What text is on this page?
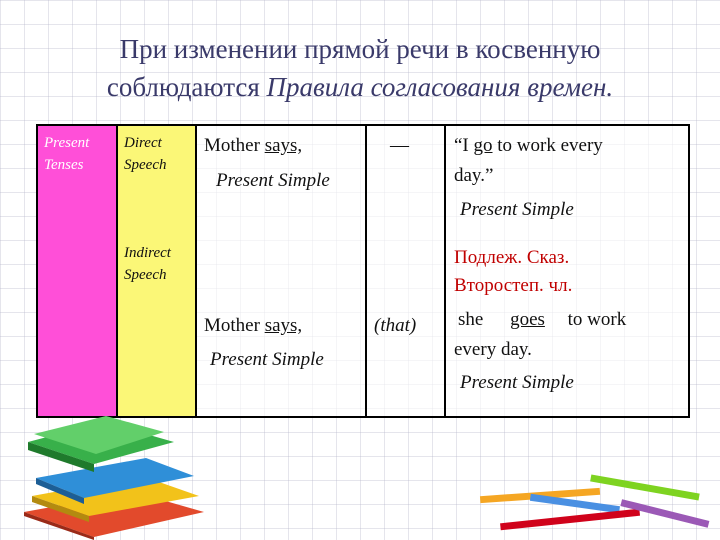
При изменении прямой речи в косвенную
соблюдаются Правила согласования времен.
Present
Tenses
Direct
Speech
Indirect
Speech
Mother says,
Present Simple
— “I go to work every
day.”
Present Simple
Подлеж. Сказ.
Второстеп. чл.
Mother says,
Present Simple
(that) she goes to work
every day.
Present Simple
